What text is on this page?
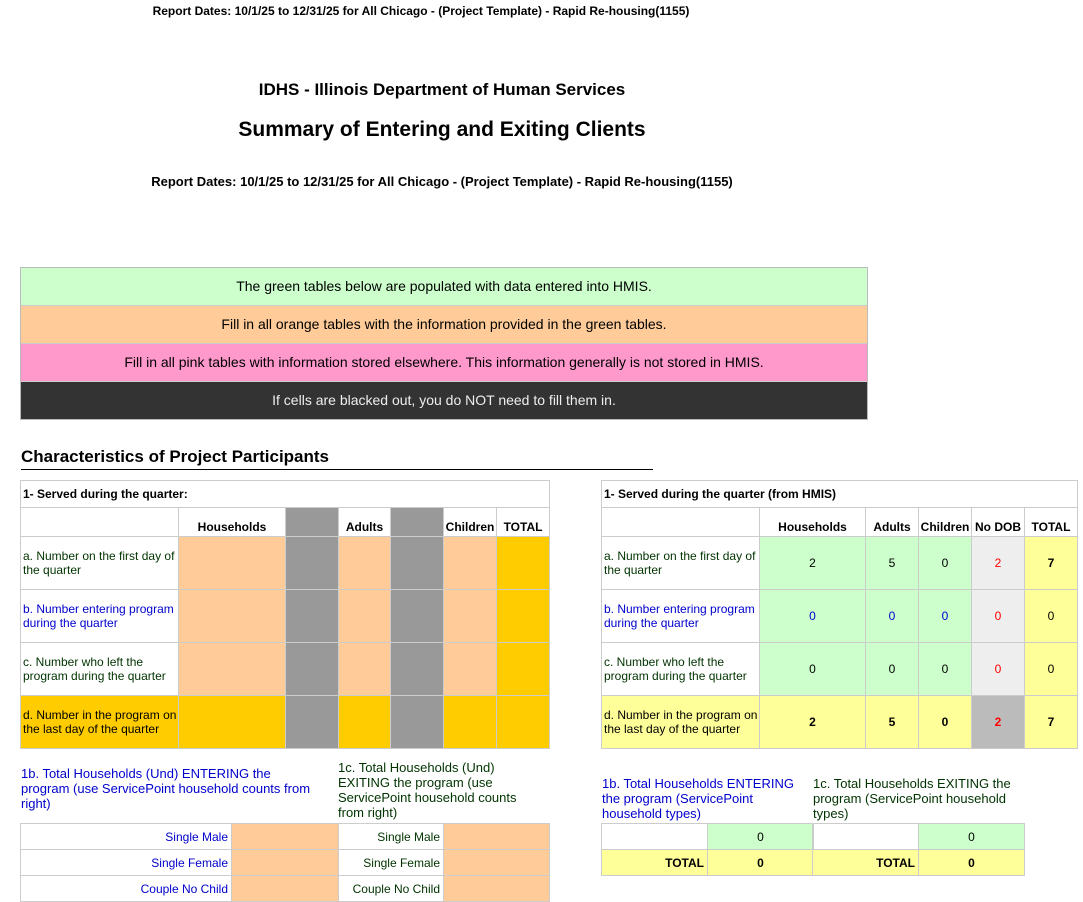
Report Dates: 10/1/25 to 12/31/25 for All Chicago - (Project Template) - Rapid Re-housing(1155)
IDHS - Illinois Department of Human Services
Summary of Entering and Exiting Clients
Report Dates: 10/1/25 to 12/31/25 for All Chicago - (Project Template) - Rapid Re-housing(1155)
The green tables below are populated with data entered into HMIS.
Fill in all orange tables with the information provided in the green tables.
Fill in all pink tables with information stored elsewhere. This information generally is not stored in HMIS.
If cells are blacked out, you do NOT need to fill them in.
Characteristics of Project Participants
1- Served during the quarter:						
	Households		Adults		Children	TOTAL
a. Number on the first day of the quarter						
b. Number entering program during the quarter						
c. Number who left the program during the quarter						
d. Number in the program on the last day of the quarter						
1- Served during the quarter (from HMIS)					
	Households	Adults	Children	No DOB	TOTAL
a. Number on the first day of the quarter	2	5	0	2	7
b. Number entering program during the quarter	0	0	0	0	0
c. Number who left the program during the quarter	0	0	0	0	0
d. Number in the program on the last day of the quarter	2	5	0	2	7
1b. Total Households (Und) ENTERING the program (use ServicePoint household counts from right)
1c. Total Households (Und) EXITING the program (use ServicePoint household counts from right)
Single Male	
Single Female	
Couple No Child	
Single Male	
Single Female	
Couple No Child	
1b. Total Households ENTERING the program (ServicePoint household types)
1c. Total Households EXITING the program (ServicePoint household types)
	0
TOTAL	0
	0
TOTAL	0
